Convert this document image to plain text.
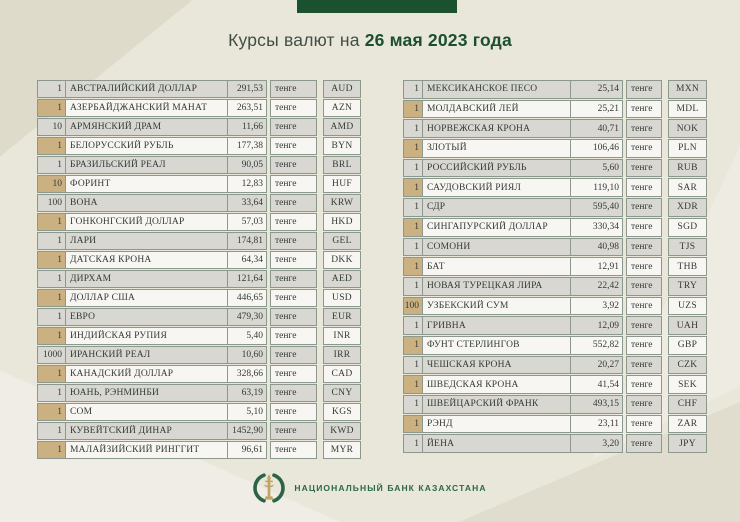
Курсы валют на 26 мая 2023 года
1 АВСТРАЛИЙСКИЙ ДОЛЛАР	291,53	тенге	AUD
1 АЗЕРБАЙДЖАНСКИЙ МАНАТ	263,51	тенге	AZN
10 АРМЯНСКИЙ ДРАМ	11,66	тенге	AMD
1 БЕЛОРУССКИЙ РУБЛЬ	177,38	тенге	BYN
1 БРАЗИЛЬСКИЙ РЕАЛ	90,05	тенге	BRL
10 ФОРИНТ	12,83	тенге	HUF
100 ВОНА	33,64	тенге	KRW
1 ГОНКОНГСКИЙ ДОЛЛАР	57,03	тенге	HKD
1 ЛАРИ	174,81	тенге	GEL
1 ДАТСКАЯ КРОНА	64,34	тенге	DKK
1 ДИРХАМ	121,64	тенге	AED
1 ДОЛЛАР США	446,65	тенге	USD
1 ЕВРО	479,30	тенге	EUR
1 ИНДИЙСКАЯ РУПИЯ	5,40	тенге	INR
1000 ИРАНСКИЙ РЕАЛ	10,60	тенге	IRR
1 КАНАДСКИЙ ДОЛЛАР	328,66	тенге	CAD
1 ЮАНЬ, РЭНМИНБИ	63,19	тенге	CNY
1 СОМ	5,10	тенге	KGS
1 КУВЕЙТСКИЙ ДИНАР	1452,90	тенге	KWD
1 МАЛАЙЗИЙСКИЙ РИНГГИТ	96,61	тенге	MYR
1 МЕКСИКАНСКОЕ ПЕСО	25,14	тенге	MXN
1 МОЛДАВСКИЙ ЛЕЙ	25,21	тенге	MDL
1 НОРВЕЖСКАЯ КРОНА	40,71	тенге	NOK
1 ЗЛОТЫЙ	106,46	тенге	PLN
1 РОССИЙСКИЙ РУБЛЬ	5,60	тенге	RUB
1 САУДОВСКИЙ РИЯЛ	119,10	тенге	SAR
1 СДР	595,40	тенге	XDR
1 СИНГАПУРСКИЙ ДОЛЛАР	330,34	тенге	SGD
1 СОМОНИ	40,98	тенге	TJS
1 БАТ	12,91	тенге	THB
1 НОВАЯ ТУРЕЦКАЯ ЛИРА	22,42	тенге	TRY
100 УЗБЕКСКИЙ СУМ	3,92	тенге	UZS
1 ГРИВНА	12,09	тенге	UAH
1 ФУНТ СТЕРЛИНГОВ	552,82	тенге	GBP
1 ЧЕШСКАЯ КРОНА	20,27	тенге	CZK
1 ШВЕДСКАЯ КРОНА	41,54	тенге	SEK
1 ШВЕЙЦАРСКИЙ ФРАНК	493,15	тенге	CHF
1 РЭНД	23,11	тенге	ZAR
1 ЙЕНА	3,20	тенге	JPY
НАЦИОНАЛЬНЫЙ БАНК КАЗАХСТАНА
